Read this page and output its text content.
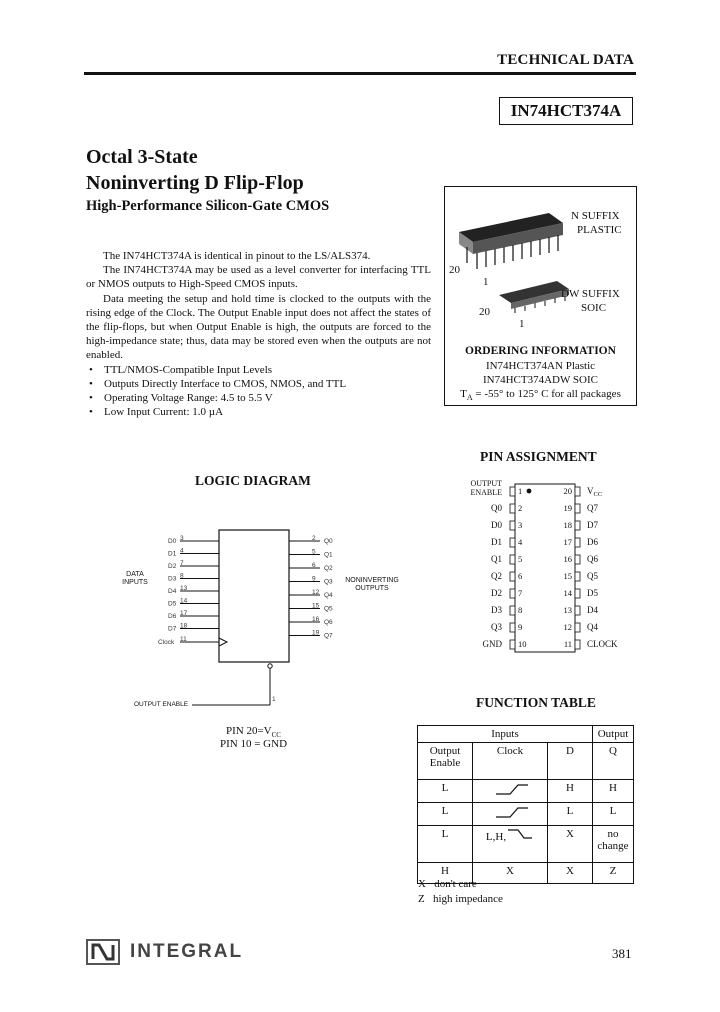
TECHNICAL DATA
IN74HCT374A
Octal 3-State
Noninverting D Flip-Flop
High-Performance Silicon-Gate CMOS

The IN74HCT374A is identical in pinout to the LS/ALS374.

The IN74HCT374A may be used as a level converter for interfacing TTL or NMOS outputs to High-Speed CMOS inputs.

Data meeting the setup and hold time is clocked to the outputs with the rising edge of the Clock. The Output Enable input does not affect the states of the flip-flops, but when Output Enable is high, the outputs are forced to the high-impedance state; thus, data may be stored even when the outputs are not enabled.

• TTL/NMOS-Compatible Input Levels
• Outputs Directly Interface to CMOS, NMOS, and TTL
• Operating Voltage Range: 4.5 to 5.5 V
• Low Input Current: 1.0 µA
N SUFFIX
PLASTIC
20
1
DW SUFFIX
SOIC
20
1
ORDERING INFORMATION
IN74HCT374AN Plastic
IN74HCT374ADW SOIC
$T_A = -55^\circ$ to 125° C for all packages
LOGIC DIAGRAM
D0 3
D1 4
D2 7
D3 8
D4 13
D5 14
D6 17
D7 18
Clock 11
2 Q0
5 Q1
6 Q2
9 Q3
12 Q4
15 Q5
16 Q6
19 Q7
1
DATA INPUTS	NONINVERTING OUTPUTS
OUTPUT ENABLE
PIN $20=V_{CC}$
PIN 10 = GND
PIN ASSIGNMENT
1
OUTPUT ENABLE
2
Q0
3
D0
4
D1
5
Q1
6
Q2
7
D2
8
D3
9
Q3
10
GND
20 $V_{CC}$
19 Q7
18 D7
17 D6
16 Q6
15 Q5
14 D5
13 D4
12 Q4
11 CLOCK
FUNCTION TABLE
Inputs			Output
Output Enable	Clock	D	Q
L		H	H
L		L	L
L	L,H,	X	no change
H	X	X	Z
X don't care
Z high impedance
INTEGRAL	381
